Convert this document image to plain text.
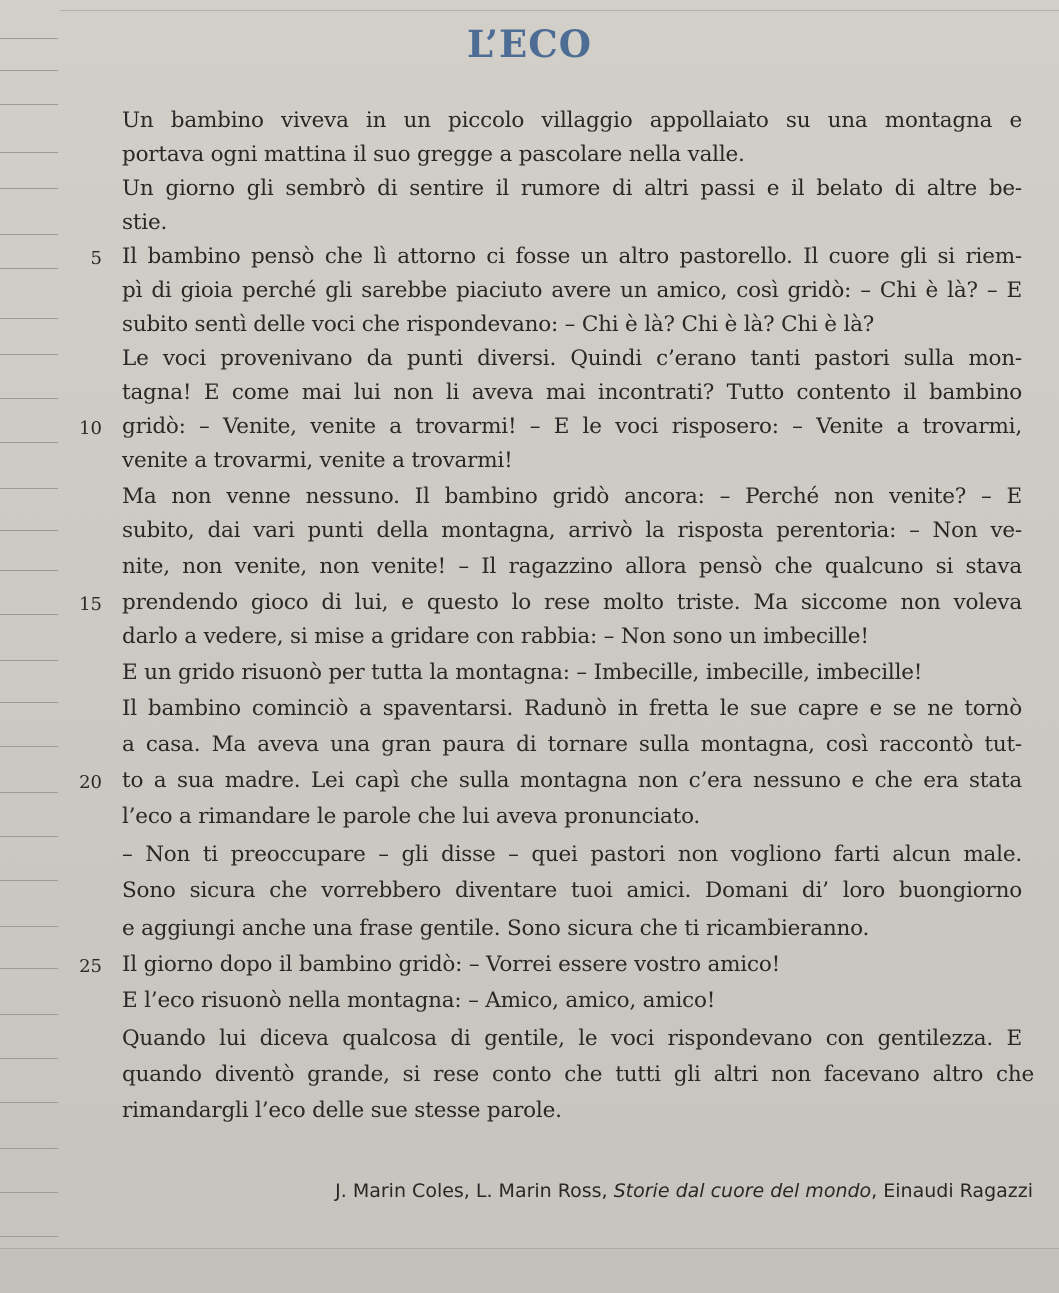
L’ECO
Un bambino viveva in un piccolo villaggio appollaiato su una montagna e
portava ogni mattina il suo gregge a pascolare nella valle.
Un giorno gli sembrò di sentire il rumore di altri passi e il belato di altre be-
stie.
5 Il bambino pensò che lì attorno ci fosse un altro pastorello. Il cuore gli si riem-
pì di gioia perché gli sarebbe piaciuto avere un amico, così gridò: – Chi è là? – E
subito sentì delle voci che rispondevano: – Chi è là? Chi è là? Chi è là?
Le voci provenivano da punti diversi. Quindi c’erano tanti pastori sulla mon-
tagna! E come mai lui non li aveva mai incontrati? Tutto contento il bambino
10 gridò: – Venite, venite a trovarmi! – E le voci risposero: – Venite a trovarmi,
venite a trovarmi, venite a trovarmi!
Ma non venne nessuno. Il bambino gridò ancora: – Perché non venite? – E
subito, dai vari punti della montagna, arrivò la risposta perentoria: – Non ve-
nite, non venite, non venite! – Il ragazzino allora pensò che qualcuno si stava
15 prendendo gioco di lui, e questo lo rese molto triste. Ma siccome non voleva
darlo a vedere, si mise a gridare con rabbia: – Non sono un imbecille!
E un grido risuonò per tutta la montagna: – Imbecille, imbecille, imbecille!
Il bambino cominciò a spaventarsi. Radunò in fretta le sue capre e se ne tornò
a casa. Ma aveva una gran paura di tornare sulla montagna, così raccontò tut-
20 to a sua madre. Lei capì che sulla montagna non c’era nessuno e che era stata
l’eco a rimandare le parole che lui aveva pronunciato.
– Non ti preoccupare – gli disse – quei pastori non vogliono farti alcun male.
Sono sicura che vorrebbero diventare tuoi amici. Domani di’ loro buongiorno
e aggiungi anche una frase gentile. Sono sicura che ti ricambieranno.
25 Il giorno dopo il bambino gridò: – Vorrei essere vostro amico!
E l’eco risuonò nella montagna: – Amico, amico, amico!
Quando lui diceva qualcosa di gentile, le voci rispondevano con gentilezza. E
quando diventò grande, si rese conto che tutti gli altri non facevano altro che
rimandargli l’eco delle sue stesse parole.
J. Marin Coles, L. Marin Ross, Storie dal cuore del mondo, Einaudi Ragazzi
